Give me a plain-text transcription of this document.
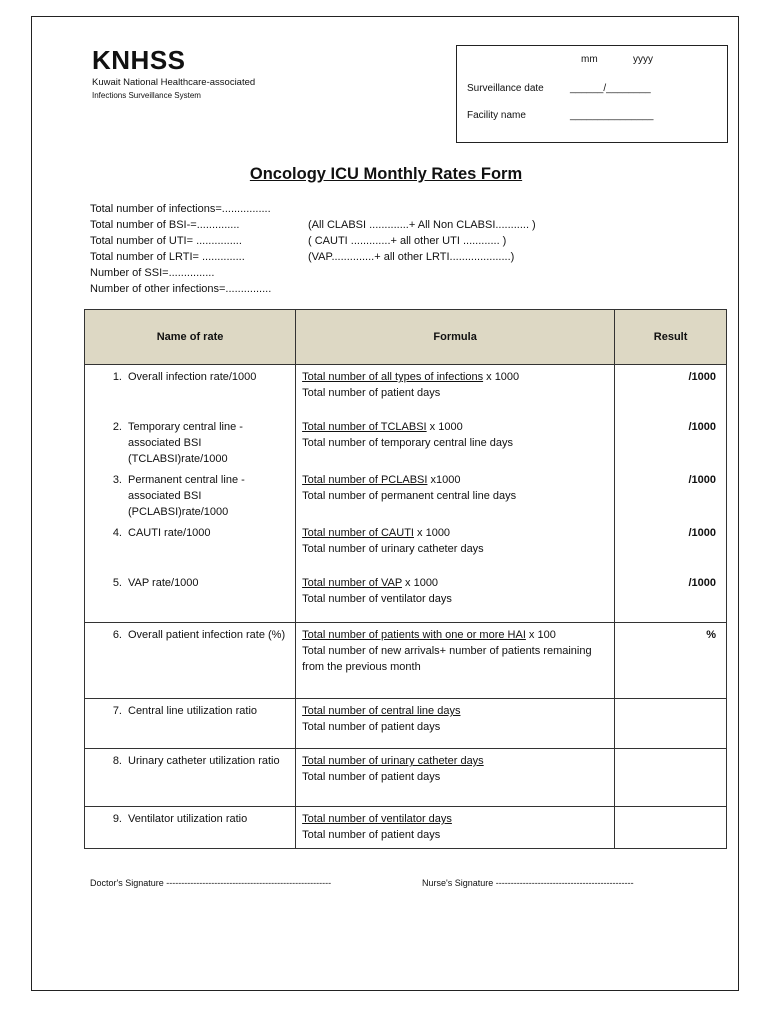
KNHSS
Kuwait National Healthcare-associated
Infections Surveillance System
mm	yyyy
Surveillance date	______/________
Facility name	_______________
Oncology ICU Monthly Rates Form
Total number of infections=................
Total number of BSI-=..............	(All CLABSI .............+ All Non CLABSI........... )
Total number of UTI= ...............	( CAUTI .............+ all other UTI ............ )
Total number of LRTI= ..............	(VAP..............+ all other LRTI....................)
Number of SSI=...............
Number of other infections=...............
Name of rate	Formula	Result
1. Overall infection rate/1000	Total number of all types of infections x 1000
Total number of patient days	/1000
2. Temporary central line - associated BSI (TCLABSI)rate/1000	Total number of TCLABSI x 1000
Total number of temporary central line days	/1000
3. Permanent central line - associated BSI (PCLABSI)rate/1000	Total number of PCLABSI x1000
Total number of permanent central line days	/1000
4. CAUTI rate/1000	Total number of CAUTI x 1000
Total number of urinary catheter days	/1000
5. VAP rate/1000	Total number of VAP x 1000
Total number of ventilator days	/1000
6. Overall patient infection rate (%)	Total number of patients with one or more HAI x 100
Total number of new arrivals+ number of patients remaining from the previous month	%
7. Central line utilization ratio	Total number of central line days
Total number of patient days	

8. Urinary catheter utilization ratio	Total number of urinary catheter days
Total number of patient days	

9. Ventilator utilization ratio	Total number of ventilator days
Total number of patient days	

Doctor's Signature -------------------------------------------------------	Nurse's Signature ----------------------------------------------
